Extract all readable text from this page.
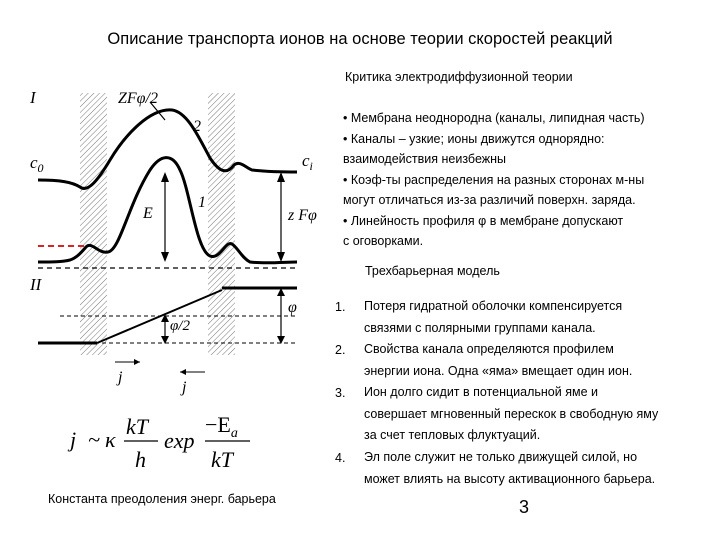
Описание транспорта ионов на основе теории скоростей реакций
I
II
$c_0$	$c_i$
ZFφ/2
2
1
E	z Fφ
φ
φ/2
j
j
j ~ κ
kT
h
exp
$-E_a$
kT
Критика электродиффузионной теории
• Мембрана неоднородна (каналы, липидная часть)
• Каналы – узкие; ионы движутся однорядно:
взаимодействия неизбежны
• Коэф-ты распределения на разных сторонах м-ны
могут отличаться из-за различий поверхн. заряда.
• Линейность профиля φ в мембране допускают
с оговорками.
Трехбарьерная модель
1. Потеря гидратной оболочки компенсируется
связями с полярными группами канала.
2. Свойства канала определяются профилем
энергии иона. Одна «яма» вмещает один ион.
3. Ион долго сидит в потенциальной яме и
совершает мгновенный перескок в свободную яму
за счет тепловых флуктуаций.
4. Эл поле служит не только движущей силой, но
может влиять на высоту активационного барьера.
Константа преодоления энерг. барьера	3
